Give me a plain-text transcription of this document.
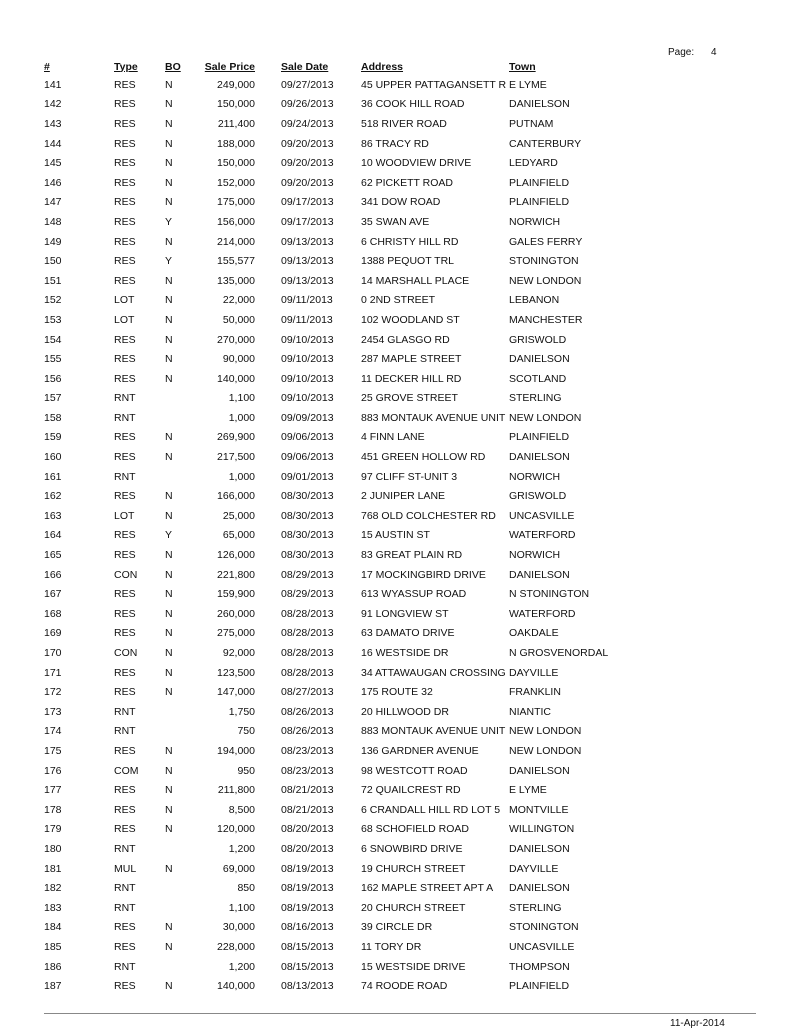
Page: 4
#	Type	BO	Sale Price		Sale Date	Address	Town
141	RES	N	249,000		09/27/2013	45 UPPER PATTAGANSETT R	E LYME
142	RES	N	150,000		09/26/2013	36 COOK HILL ROAD	DANIELSON
143	RES	N	211,400		09/24/2013	518 RIVER ROAD	PUTNAM
144	RES	N	188,000		09/20/2013	86 TRACY RD	CANTERBURY
145	RES	N	150,000		09/20/2013	10 WOODVIEW DRIVE	LEDYARD
146	RES	N	152,000		09/20/2013	62 PICKETT ROAD	PLAINFIELD
147	RES	N	175,000		09/17/2013	341 DOW ROAD	PLAINFIELD
148	RES	Y	156,000		09/17/2013	35 SWAN AVE	NORWICH
149	RES	N	214,000		09/13/2013	6 CHRISTY HILL RD	GALES FERRY
150	RES	Y	155,577		09/13/2013	1388 PEQUOT TRL	STONINGTON
151	RES	N	135,000		09/13/2013	14 MARSHALL PLACE	NEW LONDON
152	LOT	N	22,000		09/11/2013	0 2ND STREET	LEBANON
153	LOT	N	50,000		09/11/2013	102 WOODLAND ST	MANCHESTER
154	RES	N	270,000		09/10/2013	2454 GLASGO RD	GRISWOLD
155	RES	N	90,000		09/10/2013	287 MAPLE STREET	DANIELSON
156	RES	N	140,000		09/10/2013	11 DECKER HILL RD	SCOTLAND
157	RNT		1,100		09/10/2013	25 GROVE STREET	STERLING
158	RNT		1,000		09/09/2013	883 MONTAUK AVENUE UNIT	NEW LONDON
159	RES	N	269,900		09/06/2013	4 FINN LANE	PLAINFIELD
160	RES	N	217,500		09/06/2013	451 GREEN HOLLOW RD	DANIELSON
161	RNT		1,000		09/01/2013	97 CLIFF ST-UNIT 3	NORWICH
162	RES	N	166,000		08/30/2013	2 JUNIPER LANE	GRISWOLD
163	LOT	N	25,000		08/30/2013	768 OLD COLCHESTER RD	UNCASVILLE
164	RES	Y	65,000		08/30/2013	15 AUSTIN ST	WATERFORD
165	RES	N	126,000		08/30/2013	83 GREAT PLAIN RD	NORWICH
166	CON	N	221,800		08/29/2013	17 MOCKINGBIRD DRIVE	DANIELSON
167	RES	N	159,900		08/29/2013	613 WYASSUP ROAD	N STONINGTON
168	RES	N	260,000		08/28/2013	91 LONGVIEW ST	WATERFORD
169	RES	N	275,000		08/28/2013	63 DAMATO DRIVE	OAKDALE
170	CON	N	92,000		08/28/2013	16 WESTSIDE DR	N GROSVENORDAL
171	RES	N	123,500		08/28/2013	34 ATTAWAUGAN CROSSING	DAYVILLE
172	RES	N	147,000		08/27/2013	175 ROUTE 32	FRANKLIN
173	RNT		1,750		08/26/2013	20 HILLWOOD DR	NIANTIC
174	RNT		750		08/26/2013	883 MONTAUK AVENUE UNIT	NEW LONDON
175	RES	N	194,000		08/23/2013	136 GARDNER AVENUE	NEW LONDON
176	COM	N	950		08/23/2013	98 WESTCOTT ROAD	DANIELSON
177	RES	N	211,800		08/21/2013	72 QUAILCREST RD	E LYME
178	RES	N	8,500		08/21/2013	6 CRANDALL HILL RD LOT 5	MONTVILLE
179	RES	N	120,000		08/20/2013	68 SCHOFIELD ROAD	WILLINGTON
180	RNT		1,200		08/20/2013	6 SNOWBIRD DRIVE	DANIELSON
181	MUL	N	69,000		08/19/2013	19 CHURCH STREET	DAYVILLE
182	RNT		850		08/19/2013	162 MAPLE STREET APT A	DANIELSON
183	RNT		1,100		08/19/2013	20 CHURCH STREET	STERLING
184	RES	N	30,000		08/16/2013	39 CIRCLE DR	STONINGTON
185	RES	N	228,000		08/15/2013	11 TORY DR	UNCASVILLE
186	RNT		1,200		08/15/2013	15 WESTSIDE DRIVE	THOMPSON
187	RES	N	140,000		08/13/2013	74 ROODE ROAD	PLAINFIELD
11-Apr-2014
